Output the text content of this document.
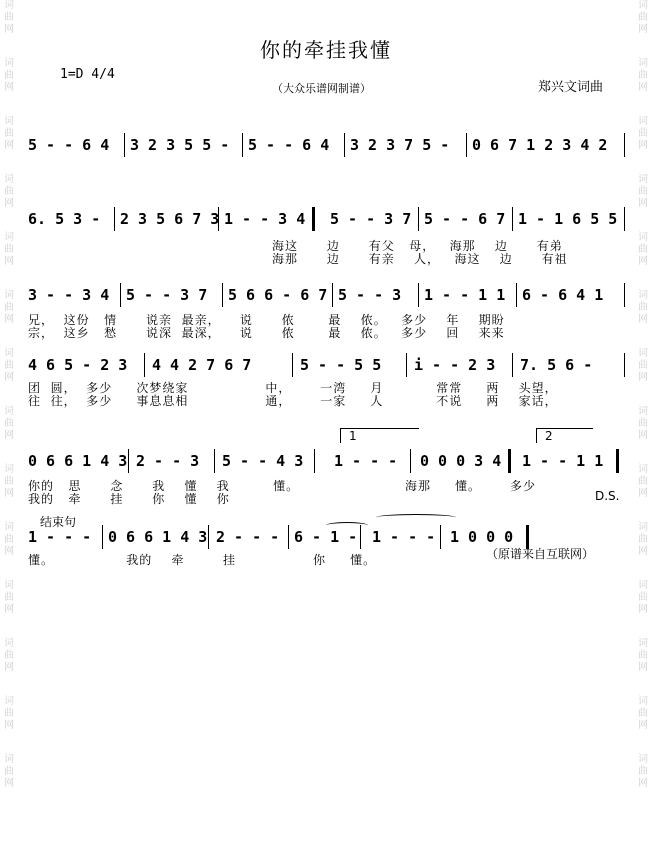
词
曲
网
词
曲
网
词
曲
网
词
曲
网
词
曲
网
词
曲
网
词
曲
网
词
曲
网
词
曲
网
词
曲
网
词
曲
网
词
曲
网
词
曲
网
词
曲
网
词
曲
网
词
曲
网
词
曲
网
词
曲
网
词
曲
网
词
曲
网
词
曲
网
词
曲
网
词
曲
网
词
曲
网
词
曲
网
词
曲
网
词
曲
网
词
曲
网
你的牵挂我懂
1=D 4/4
（大众乐谱网制谱）	郑兴文词曲
5 - - 6 4 3 2 3 5 5 - 5 - - 6 4 3 2 3 7 5 - 0 6 7 1 2 3 4 2
6. 5 3 - 2 3 5 6 7 3 1 - - 3 4 5 - - 3 7 5 - - 6 7 1 - 1 6 5 5
海这      边      有父   母，   海那    边      有弟
海那      边      有亲    人，   海这    边      有祖
3 - - 3 4 5 - - 3 7 5 6 6 - 6 7 5 - - 3 1 - - 1 1 6 - 6 4 1
兄，  这份   情      说亲  最亲，    说      侬       最    侬。   多少    年    期盼
宗，  这乡   愁      说深  最深，    说      侬       最    侬。   多少    回    来来
4 6 5 - 2 3 4 4 2 7 6 7	5 - - 5 5 i - - 2 3 7. 5 6 -
团  圆，  多少     次梦绕家                中，      一湾     月           常常     两    头望，
往  往，  多少     事息息相                通，      一家     人           不说     两    家话，
1	2
0 6 6 1 4 3 2 - - 3 5 - - 4 3 1 - - - 0 0 0 3 4 1 - - 1 1
你的   思      念      我    懂    我         懂。                      海那     懂。      多少
我的   牵      挂      你    懂    你	D.S.
结束句
1 - - - 0 6 6 1 4 3 2 - - - 6 - 1 - 1 - - - 1 0 0 0
懂。               我的    牵        挂                你     懂。	（原谱来自互联网）
